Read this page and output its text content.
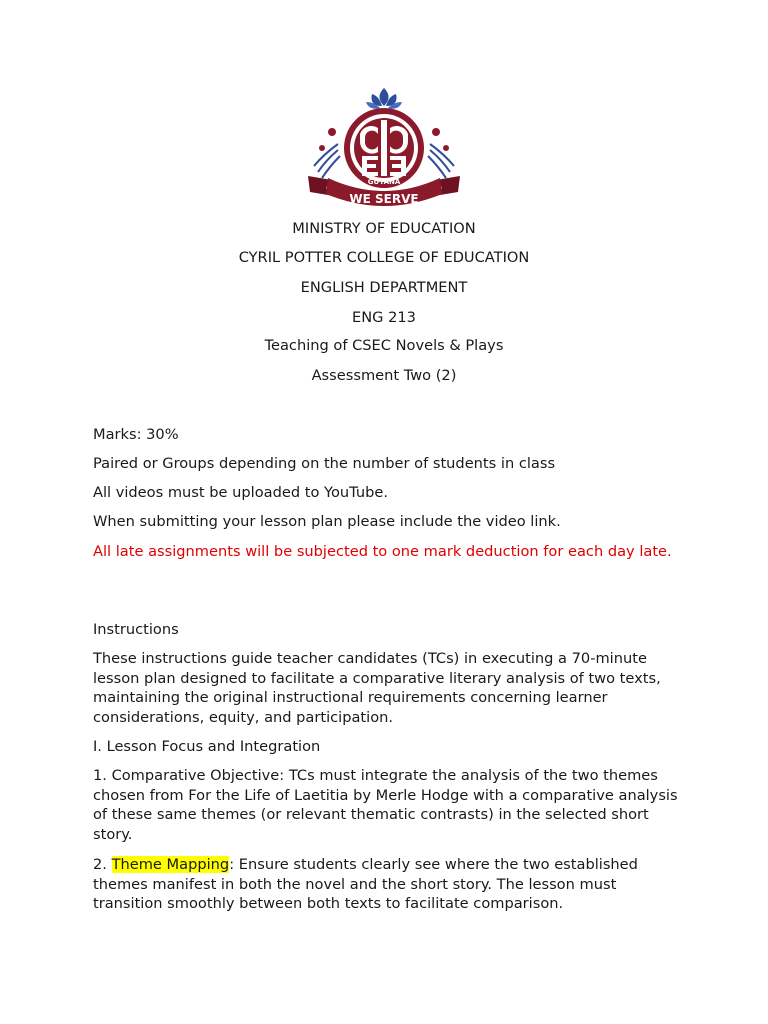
GUYANA
WE SERVE
MINISTRY OF EDUCATION
CYRIL POTTER COLLEGE OF EDUCATION
ENGLISH DEPARTMENT
ENG 213
Teaching of CSEC Novels & Plays
Assessment Two (2)
Marks: 30%
Paired or Groups depending on the number of students in class
All videos must be uploaded to YouTube.
When submitting your lesson plan please include the video link.
All late assignments will be subjected to one mark deduction for each day late.
Instructions
These instructions guide teacher candidates (TCs) in executing a 70-minute lesson plan designed to facilitate a comparative literary analysis of two texts, maintaining the original instructional requirements concerning learner considerations, equity, and participation.
I. Lesson Focus and Integration
1. Comparative Objective: TCs must integrate the analysis of the two themes chosen from For the Life of Laetitia by Merle Hodge with a comparative analysis of these same themes (or relevant thematic contrasts) in the selected short story.
2. Theme Mapping: Ensure students clearly see where the two established themes manifest in both the novel and the short story. The lesson must transition smoothly between both texts to facilitate comparison.
